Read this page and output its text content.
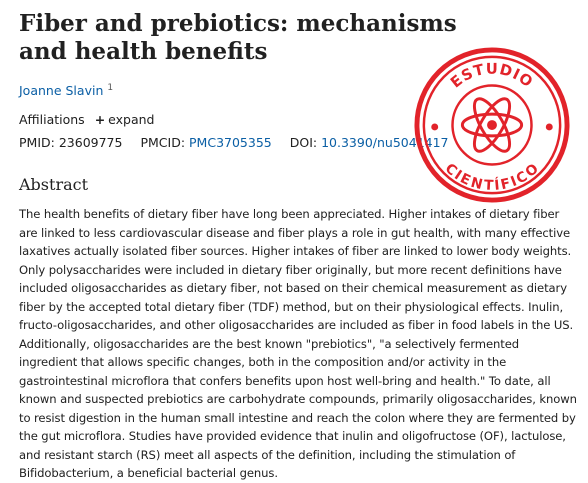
Fiber and prebiotics: mechanisms and health benefits
Joanne Slavin $^1$
Affiliations + expand
PMID: 23609775 PMCID: PMC3705355 DOI: 10.3390/nu5041417
Abstract

The health benefits of dietary fiber have long been appreciated. Higher intakes of dietary fiber are linked to less cardiovascular disease and fiber plays a role in gut health, with many effective laxatives actually isolated fiber sources. Higher intakes of fiber are linked to lower body weights. Only polysaccharides were included in dietary fiber originally, but more recent definitions have included oligosaccharides as dietary fiber, not based on their chemical measurement as dietary fiber by the accepted total dietary fiber (TDF) method, but on their physiological effects. Inulin, fructo-oligosaccharides, and other oligosaccharides are included as fiber in food labels in the US. Additionally, oligosaccharides are the best known "prebiotics", "a selectively fermented ingredient that allows specific changes, both in the composition and/or activity in the gastrointestinal microflora that confers benefits upon host well-bring and health." To date, all known and suspected prebiotics are carbohydrate compounds, primarily oligosaccharides, known to resist digestion in the human small intestine and reach the colon where they are fermented by the gut microflora. Studies have provided evidence that inulin and oligofructose (OF), lactulose, and resistant starch (RS) meet all aspects of the definition, including the stimulation of Bifidobacterium, a beneficial bacterial genus.

ESTUDIO
CIENTÍFICO
